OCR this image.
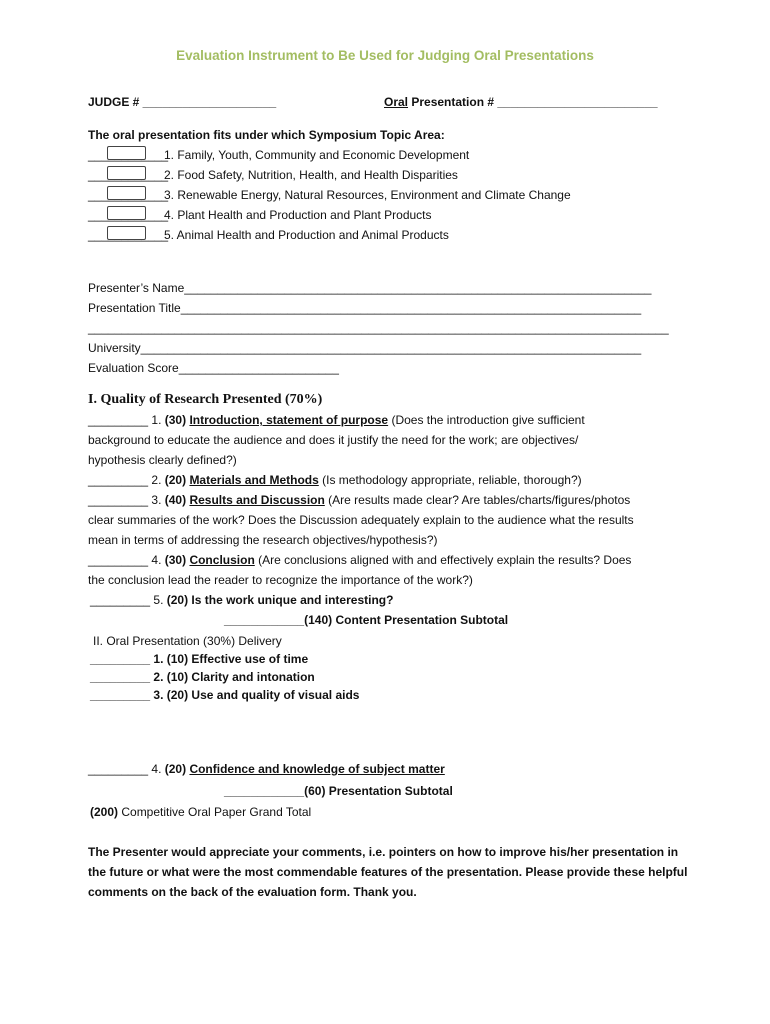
Evaluation Instrument to Be Used for Judging Oral Presentations
JUDGE # ____________________	Oral Presentation # ________________________
The oral presentation fits under which Symposium Topic Area:
____________
1. Family, Youth, Community and Economic Development
____________
2. Food Safety, Nutrition, Health, and Health Disparities
____________
3. Renewable Energy, Natural Resources, Environment and Climate Change
____________
4. Plant Health and Production and Plant Products
____________
5. Animal Health and Production and Animal Products
Presenter’s Name______________________________________________________________________
Presentation Title_____________________________________________________________________
_______________________________________________________________________________________
University___________________________________________________________________________
Evaluation Score________________________
I. Quality of Research Presented (70%)
_________ 1. (30) Introduction, statement of purpose (Does the introduction give sufficient
background to educate the audience and does it justify the need for the work; are objectives/
hypothesis clearly defined?)
_________ 2. (20) Materials and Methods (Is methodology appropriate, reliable, thorough?)
_________ 3. (40) Results and Discussion (Are results made clear? Are tables/charts/figures/photos
clear summaries of the work? Does the Discussion adequately explain to the audience what the results
mean in terms of addressing the research objectives/hypothesis?)
_________ 4. (30) Conclusion (Are conclusions aligned with and effectively explain the results? Does
the conclusion lead the reader to recognize the importance of the work?)
_________ 5. (20) Is the work unique and interesting?
____________(140) Content Presentation Subtotal
II. Oral Presentation (30%) Delivery
_________ 1. (10) Effective use of time
_________ 2. (10) Clarity and intonation
_________ 3. (20) Use and quality of visual aids
_________ 4. (20) Confidence and knowledge of subject matter
____________(60) Presentation Subtotal
(200) Competitive Oral Paper Grand Total
The Presenter would appreciate your comments, i.e. pointers on how to improve his/her presentation in the future or what were the most commendable features of the presentation. Please provide these helpful comments on the back of the evaluation form. Thank you.
